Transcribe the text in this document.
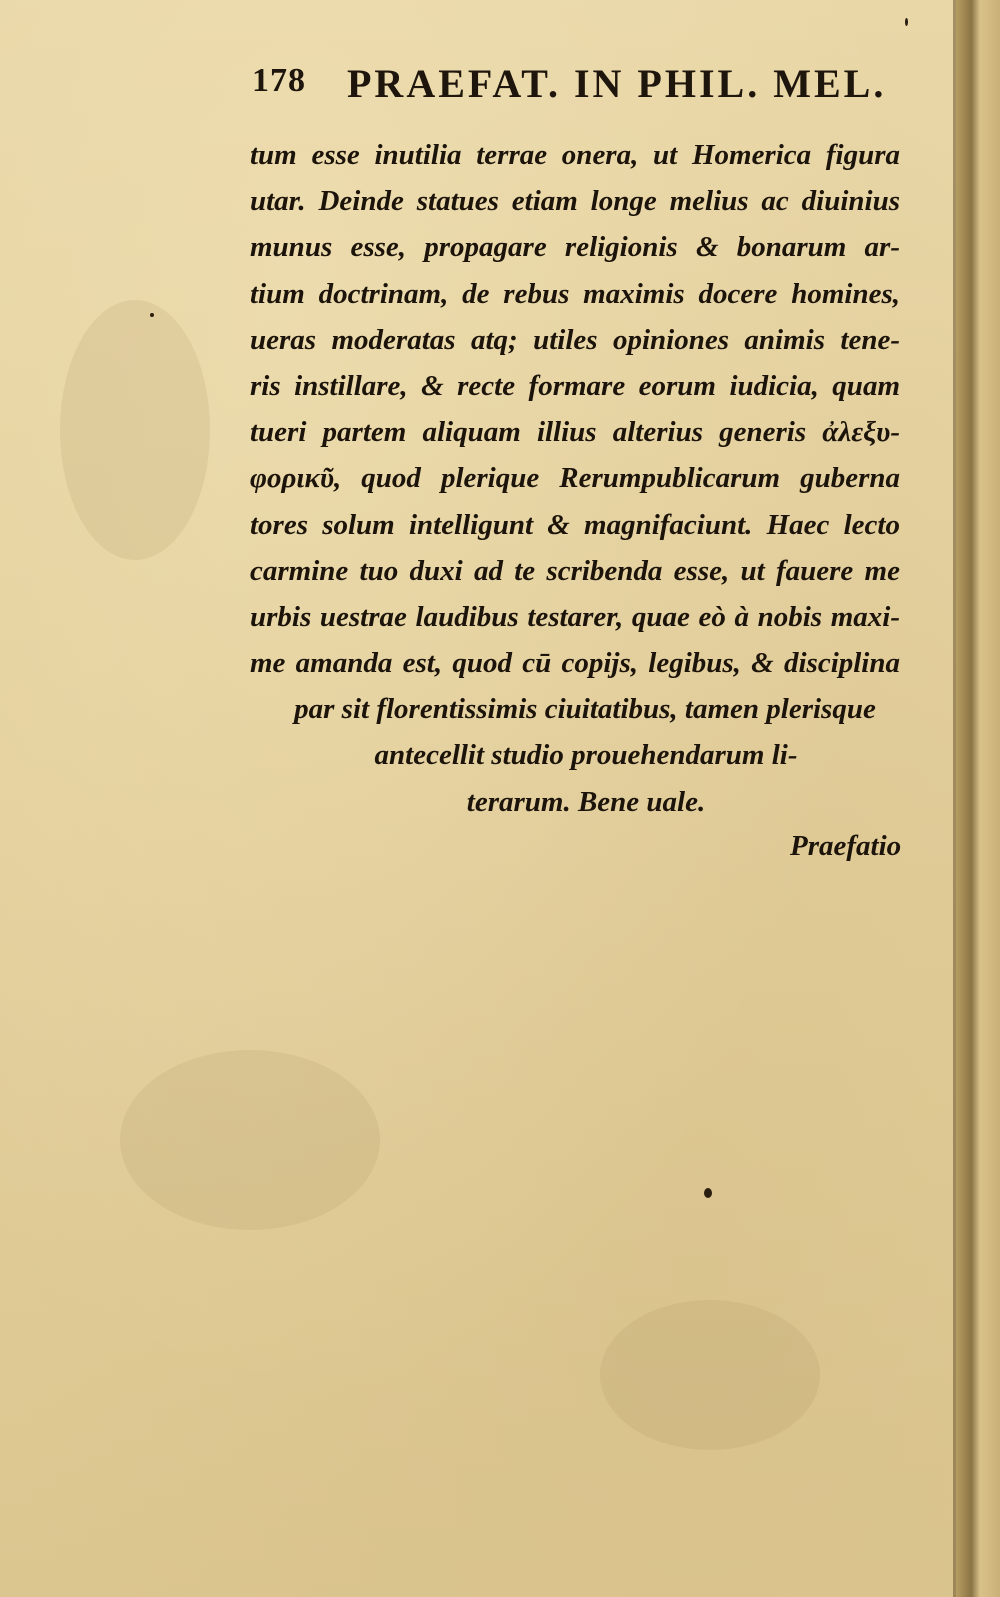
178 PRAEFAT. IN PHIL. MEL.
tum esse inutilia terrae onera, ut Homerica figura
utar. Deinde statues etiam longe melius ac diuinius
munus esse, propagare religionis & bonarum ar-
tium doctrinam, de rebus maximis docere homines,
ueras moderatas atq; utiles opiniones animis tene-
ris instillare, & recte formare eorum iudicia, quam
tueri partem aliquam illius alterius generis ἀλεξυ-
φορικῦ, quod plerique Rerumpublicarum guberna
tores solum intelligunt & magnifaciunt. Haec lecto
carmine tuo duxi ad te scribenda esse, ut fauere me
urbis uestrae laudibus testarer, quae eò à nobis maxi-
me amanda est, quod cū copijs, legibus, & disciplina
par sit florentissimis ciuitatibus, tamen plerisque
antecellit studio prouehendarum li-
terarum. Bene uale.
Praefatio
